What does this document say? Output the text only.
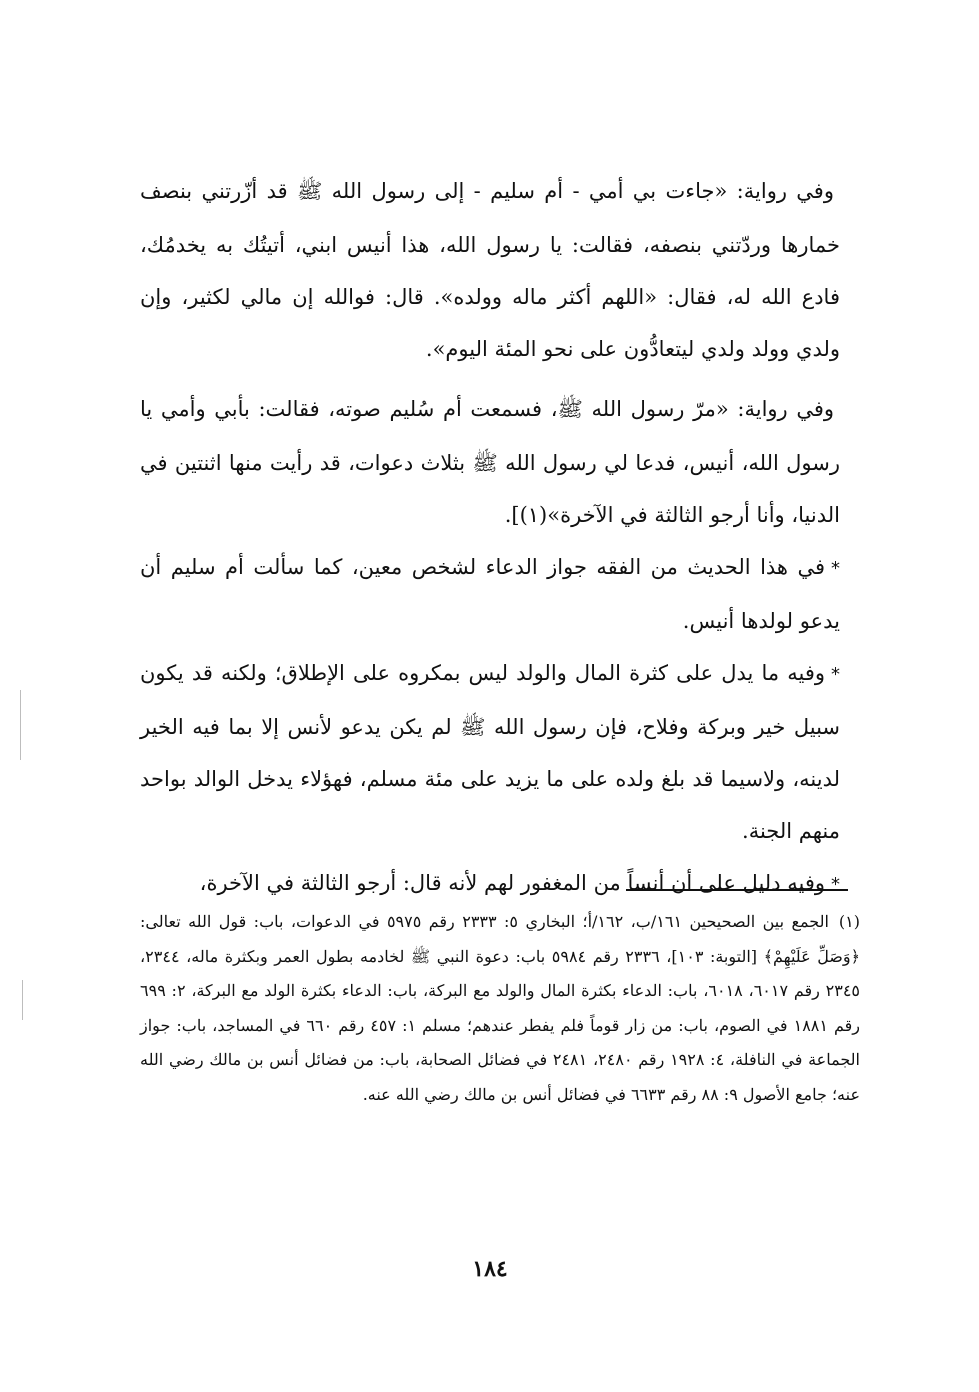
وفي رواية: «جاءت بي أمي - أم سليم - إلى رسول الله ﷺ قد أزّرتني بنصف خمارها وردّتني بنصفه، فقالت: يا رسول الله، هذا أنيس ابني، أتيتُك به يخدمُك، فادع الله له، فقال: «اللهم أكثر ماله وولده». قال: فوالله إن مالي لكثير، وإن ولدي وولد ولدي ليتعادُّون على نحو المئة اليوم».

وفي رواية: «مرّ رسول الله ﷺ، فسمعت أم سُليم صوته، فقالت: بأبي وأمي يا رسول الله، أنيس، فدعا لي رسول الله ﷺ بثلاث دعوات، قد رأيت منها اثنتين في الدنيا، وأنا أرجو الثالثة في الآخرة»(١)].

*في هذا الحديث من الفقه جواز الدعاء لشخص معين، كما سألت أم سليم أن يدعو لولدها أنيس.

*وفيه ما يدل على كثرة المال والولد ليس بمكروه على الإطلاق؛ ولكنه قد يكون سبيل خير وبركة وفلاح، فإن رسول الله ﷺ لم يكن يدعو لأنس إلا بما فيه الخير لدينه، ولاسيما قد بلغ ولده على ما يزيد على مئة مسلم، فهؤلاء يدخل الوالد بواحد منهم الجنة.

*وفيه دليل على أن أنساً من المغفور لهم لأنه قال: أرجو الثالثة في الآخرة،

(١)الجمع بين الصحيحين ١٦١/ب، ١٦٢/أ؛ البخاري ٥: ٢٣٣٣ رقم ٥٩٧٥ في الدعوات، باب: قول الله تعالى: ﴿وَصَلِّ عَلَيْهِمْ﴾ [التوبة: ١٠٣]، ٢٣٣٦ رقم ٥٩٨٤ باب: دعوة النبي ﷺ لخادمه بطول العمر وبكثرة ماله، ٢٣٤٤، ٢٣٤٥ رقم ٦٠١٧، ٦٠١٨، باب: الدعاء بكثرة المال والولد مع البركة، باب: الدعاء بكثرة الولد مع البركة، ٢: ٦٩٩ رقم ١٨٨١ في الصوم، باب: من زار قوماً فلم يفطر عندهم؛ مسلم ١: ٤٥٧ رقم ٦٦٠ في المساجد، باب: جواز الجماعة في النافلة، ٤: ١٩٢٨ رقم ٢٤٨٠، ٢٤٨١ في فضائل الصحابة، باب: من فضائل أنس بن مالك رضي الله عنه؛ جامع الأصول ٩: ٨٨ رقم ٦٦٣٣ في فضائل أنس بن مالك رضي الله عنه.

١٨٤
